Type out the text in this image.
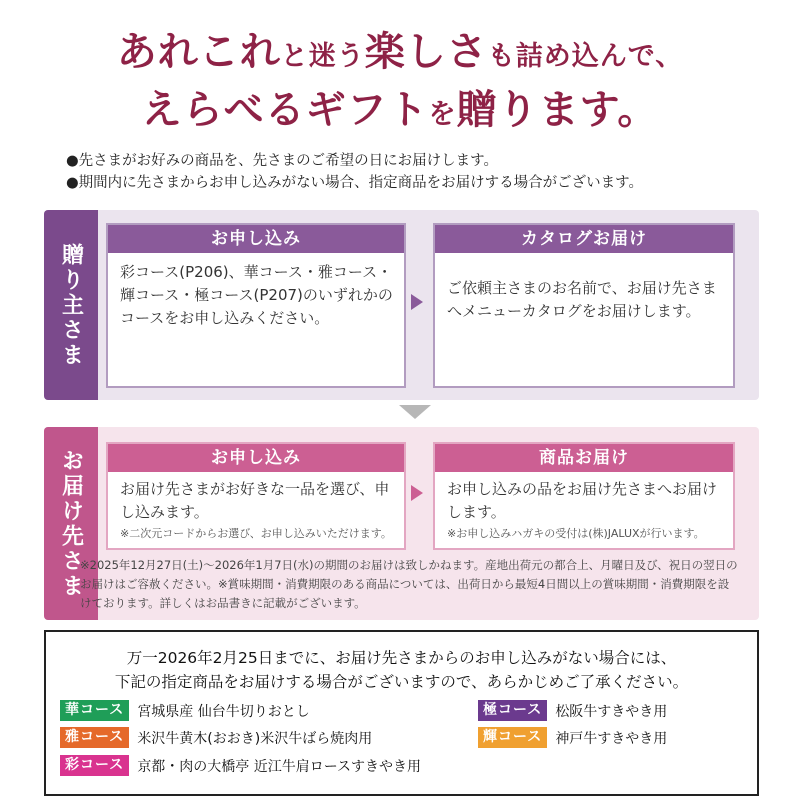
あれこれと迷う楽しさも詰め込んで、
えらべるギフトを贈ります。
●先さまがお好みの商品を、先さまのご希望の日にお届けします。
●期間内に先さまからお申し込みがない場合、指定商品をお届けする場合がございます。
贈り主さま
お申し込み
彩コース(P206)、華コース・雅コース・輝コース・極コース(P207)のいずれかのコースをお申し込みください。
カタログお届け
ご依頼主さまのお名前で、お届け先さまへメニューカタログをお届けします。
お届け先さま	お申し込み
お届け先さまがお好きな一品を選び、申し込みます。
※二次元コードからお選び、お申し込みいただけます。
商品お届け
お申し込みの品をお届け先さまへお届けします。
※お申し込みハガキの受付は(株)JALUXが行います。
※2025年12月27日(土)～2026年1月7日(水)の期間のお届けは致しかねます。産地出荷元の都合上、月曜日及び、祝日の翌日のお届けはご容赦ください。※賞味期間・消費期限のある商品については、出荷日から最短4日間以上の賞味期間・消費期限を設けております。詳しくはお品書きに記載がございます。
万一2026年2月25日までに、お届け先さまからのお申し込みがない場合には、
下記の指定商品をお届けする場合がございますので、あらかじめご了承ください。
華コース 宮城県産 仙台牛切りおとし	極コース 松阪牛すきやき用
雅コース 米沢牛黄木(おおき)米沢牛ばら焼肉用	輝コース 神戸牛すきやき用
彩コース 京都・肉の大橋亭 近江牛肩ロースすきやき用
